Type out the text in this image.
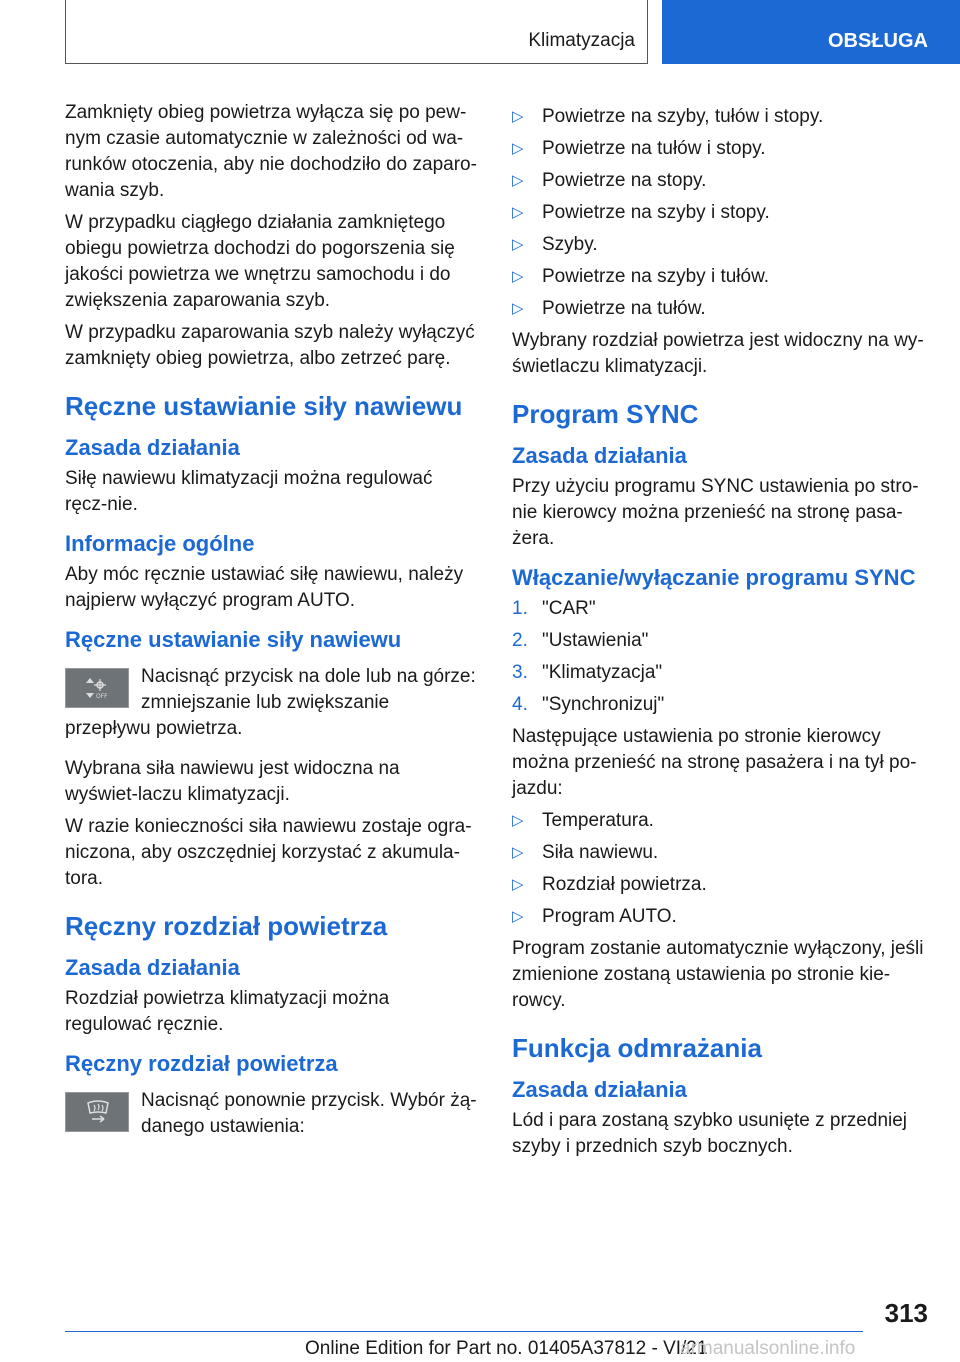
Klimatyzacja	OBSŁUGA

Zamknięty obieg powietrza wyłącza się po pew-nym czasie automatycznie w zależności od wa-runków otoczenia, aby nie dochodziło do zaparo-wania szyb.

W przypadku ciągłego działania zamkniętego obiegu powietrza dochodzi do pogorszenia się jakości powietrza we wnętrzu samochodu i do zwiększenia zaparowania szyb.

W przypadku zaparowania szyb należy wyłączyć zamknięty obieg powietrza, albo zetrzeć parę.

Ręczne ustawianie siły nawiewu
Zasada działania

Siłę nawiewu klimatyzacji można regulować ręcz-nie.

Informacje ogólne

Aby móc ręcznie ustawiać siłę nawiewu, należy najpierw wyłączyć program AUTO.

Ręczne ustawianie siły nawiewu
OFF
Nacisnąć przycisk na dole lub na górze: zmniejszanie lub zwiększanie przepływu powietrza.

Wybrana siła nawiewu jest widoczna na wyświet-laczu klimatyzacji.

W razie konieczności siła nawiewu zostaje ogra-niczona, aby oszczędniej korzystać z akumula-tora.

Ręczny rozdział powietrza
Zasada działania

Rozdział powietrza klimatyzacji można regulować ręcznie.

Ręczny rozdział powietrza
Nacisnąć ponownie przycisk. Wybór żą-danego ustawienia:
▷ Powietrze na szyby, tułów i stopy.
▷ Powietrze na tułów i stopy.
▷ Powietrze na stopy.
▷ Powietrze na szyby i stopy.
▷ Szyby.
▷ Powietrze na szyby i tułów.
▷ Powietrze na tułów.

Wybrany rozdział powietrza jest widoczny na wy-świetlaczu klimatyzacji.

Program SYNC
Zasada działania

Przy użyciu programu SYNC ustawienia po stro-nie kierowcy można przenieść na stronę pasa-żera.

Włączanie/wyłączanie programu SYNC
1. "CAR"
2. "Ustawienia"
3. "Klimatyzacja"
4. "Synchronizuj"

Następujące ustawienia po stronie kierowcy można przenieść na stronę pasażera i na tył po-jazdu:

▷ Temperatura.
▷ Siła nawiewu.
▷ Rozdział powietrza.
▷ Program AUTO.

Program zostanie automatycznie wyłączony, jeśli zmienione zostaną ustawienia po stronie kie-rowcy.

Funkcja odmrażania
Zasada działania

Lód i para zostaną szybko usunięte z przedniej szyby i przednich szyb bocznych.

313
Online Edition for Part no. 01405A37812 - VI/21
armanualsonline.info
